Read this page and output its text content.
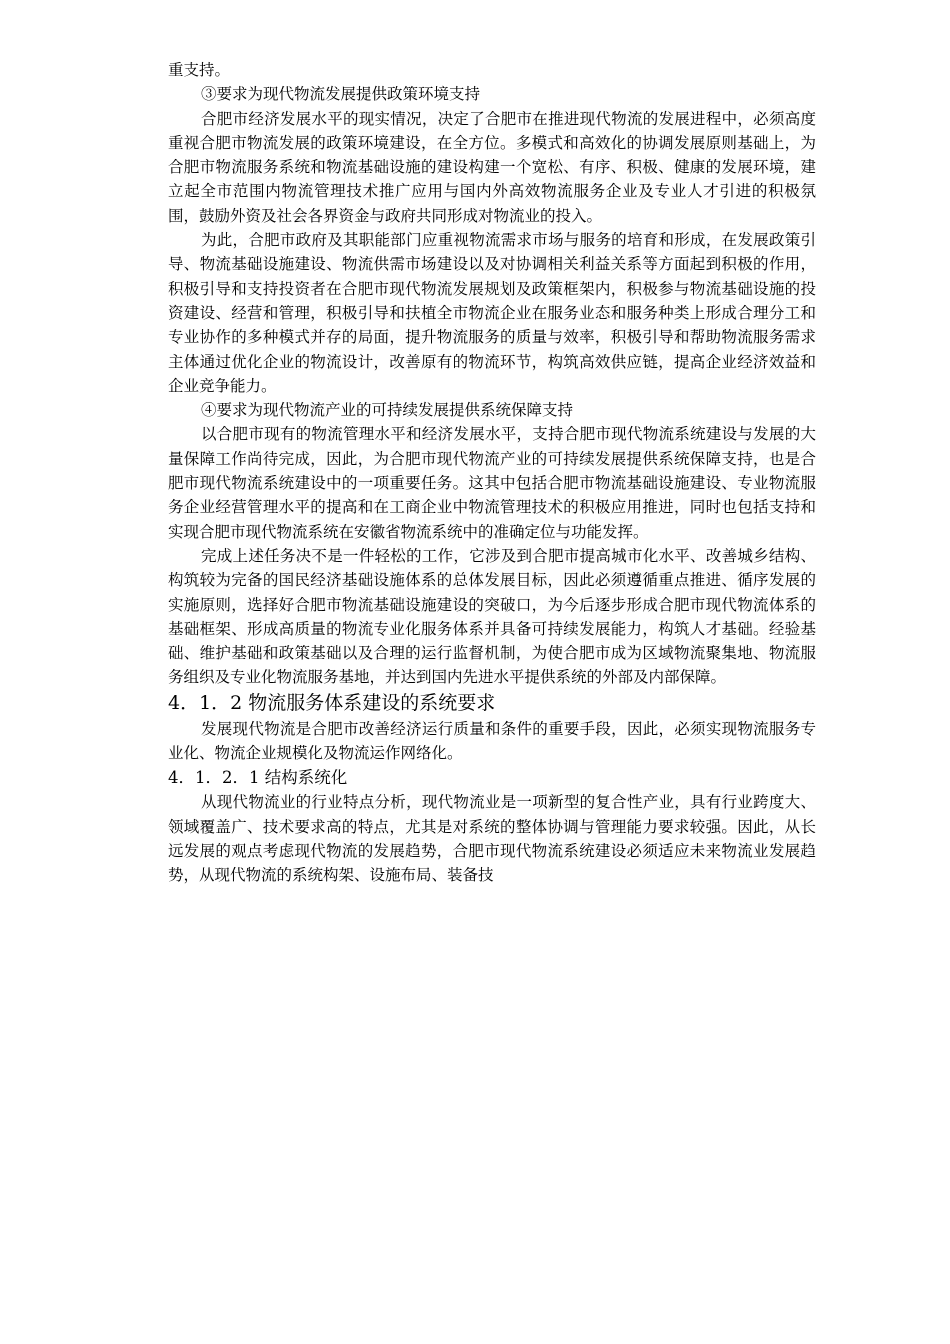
重支持。

③要求为现代物流发展提供政策环境支持

合肥市经济发展水平的现实情况，决定了合肥市在推进现代物流的发展进程中，必须高度重视合肥市物流发展的政策环境建设，在全方位。多模式和高效化的协调发展原则基础上，为合肥市物流服务系统和物流基础设施的建设构建一个宽松、有序、积极、健康的发展环境，建立起全市范围内物流管理技术推广应用与国内外高效物流服务企业及专业人才引进的积极氛围，鼓励外资及社会各界资金与政府共同形成对物流业的投入。

为此，合肥市政府及其职能部门应重视物流需求市场与服务的培育和形成，在发展政策引导、物流基础设施建设、物流供需市场建设以及对协调相关利益关系等方面起到积极的作用，积极引导和支持投资者在合肥市现代物流发展规划及政策框架内，积极参与物流基础设施的投资建设、经营和管理，积极引导和扶植全市物流企业在服务业态和服务种类上形成合理分工和专业协作的多种模式并存的局面，提升物流服务的质量与效率，积极引导和帮助物流服务需求主体通过优化企业的物流设计，改善原有的物流环节，构筑高效供应链，提高企业经济效益和企业竞争能力。

④要求为现代物流产业的可持续发展提供系统保障支持

以合肥市现有的物流管理水平和经济发展水平，支持合肥市现代物流系统建设与发展的大量保障工作尚待完成，因此，为合肥市现代物流产业的可持续发展提供系统保障支持，也是合肥市现代物流系统建设中的一项重要任务。这其中包括合肥市物流基础设施建设、专业物流服务企业经营管理水平的提高和在工商企业中物流管理技术的积极应用推进，同时也包括支持和实现合肥市现代物流系统在安徽省物流系统中的准确定位与功能发挥。

完成上述任务决不是一件轻松的工作，它涉及到合肥市提高城市化水平、改善城乡结构、构筑较为完备的国民经济基础设施体系的总体发展目标，因此必须遵循重点推进、循序发展的实施原则，选择好合肥市物流基础设施建设的突破口，为今后逐步形成合肥市现代物流体系的基础框架、形成高质量的物流专业化服务体系并具备可持续发展能力，构筑人才基础。经验基础、维护基础和政策基础以及合理的运行监督机制，为使合肥市成为区域物流聚集地、物流服务组织及专业化物流服务基地，并达到国内先进水平提供系统的外部及内部保障。

4．1．2 物流服务体系建设的系统要求

发展现代物流是合肥市改善经济运行质量和条件的重要手段，因此，必须实现物流服务专业化、物流企业规模化及物流运作网络化。

4．1．2．1 结构系统化

从现代物流业的行业特点分析，现代物流业是一项新型的复合性产业，具有行业跨度大、领域覆盖广、技术要求高的特点，尤其是对系统的整体协调与管理能力要求较强。因此，从长远发展的观点考虑现代物流的发展趋势，合肥市现代物流系统建设必须适应未来物流业发展趋势，从现代物流的系统构架、设施布局、装备技
